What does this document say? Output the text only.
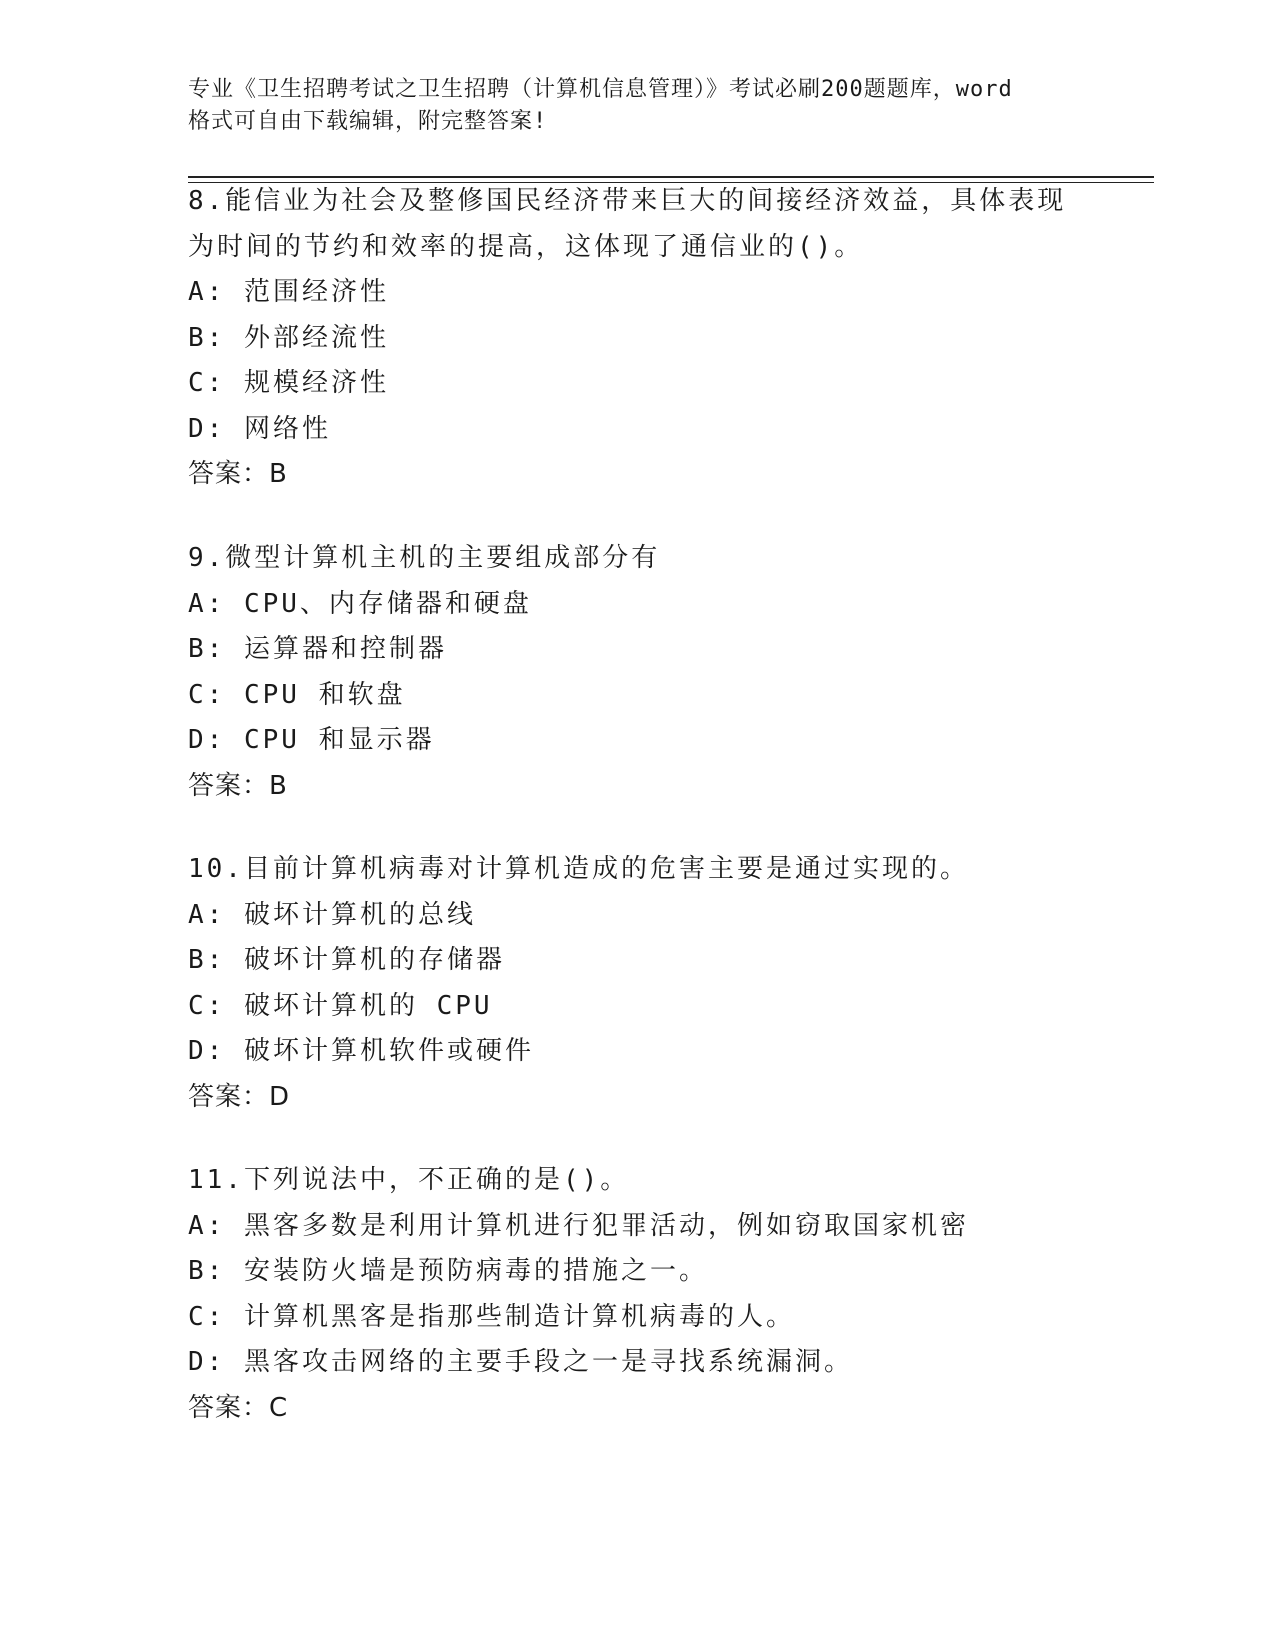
专业《卫生招聘考试之卫生招聘（计算机信息管理）》考试必刷200题题库，word
格式可自由下载编辑，附完整答案!
8.能信业为社会及整修国民经济带来巨大的间接经济效益，具体表现
为时间的节约和效率的提高，这体现了通信业的()。
A: 范围经济性
B: 外部经流性
C: 规模经济性
D: 网络性
答案：B
9.微型计算机主机的主要组成部分有
A: CPU、内存储器和硬盘
B: 运算器和控制器
C: CPU 和软盘
D: CPU 和显示器
答案：B
10.目前计算机病毒对计算机造成的危害主要是通过实现的。
A: 破坏计算机的总线
B: 破坏计算机的存储器
C: 破坏计算机的 CPU
D: 破坏计算机软件或硬件
答案：D
11.下列说法中，不正确的是()。
A: 黑客多数是利用计算机进行犯罪活动，例如窃取国家机密
B: 安装防火墙是预防病毒的措施之一。
C: 计算机黑客是指那些制造计算机病毒的人。
D: 黑客攻击网络的主要手段之一是寻找系统漏洞。
答案：C
